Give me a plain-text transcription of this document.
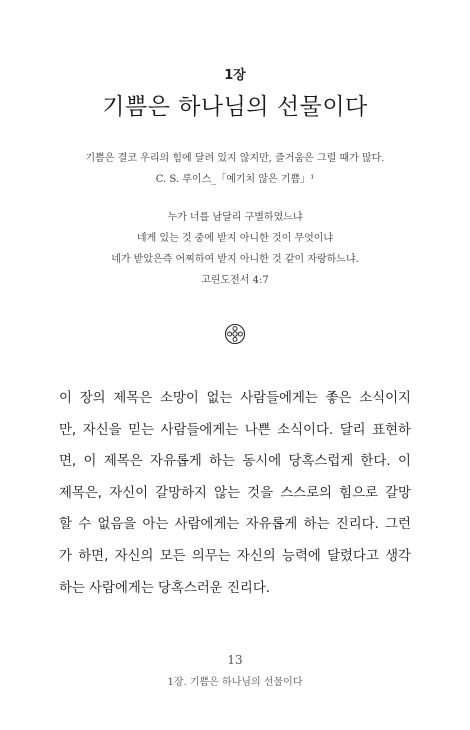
1장
기쁨은 하나님의 선물이다
기쁨은 결코 우리의 힘에 달려 있지 않지만, 즐거움은 그럴 때가 많다.
C. S. 루이스_「예기치 않은 기쁨」¹
누가 너를 남달리 구별하였느냐
네게 있는 것 중에 받지 아니한 것이 무엇이냐
네가 받았은즉 어찌하여 받지 아니한 것 같이 자랑하느냐.
고린도전서 4:7
이 장의 제목은 소망이 없는 사람들에게는 좋은 소식이지
만, 자신을 믿는 사람들에게는 나쁜 소식이다. 달리 표현하
면, 이 제목은 자유롭게 하는 동시에 당혹스럽게 한다. 이
제목은, 자신이 갈망하지 않는 것을 스스로의 힘으로 갈망
할 수 없음을 아는 사람에게는 자유롭게 하는 진리다. 그런
가 하면, 자신의 모든 의무는 자신의 능력에 달렸다고 생각
하는 사람에게는 당혹스러운 진리다.
13
1장. 기쁨은 하나님의 선물이다
